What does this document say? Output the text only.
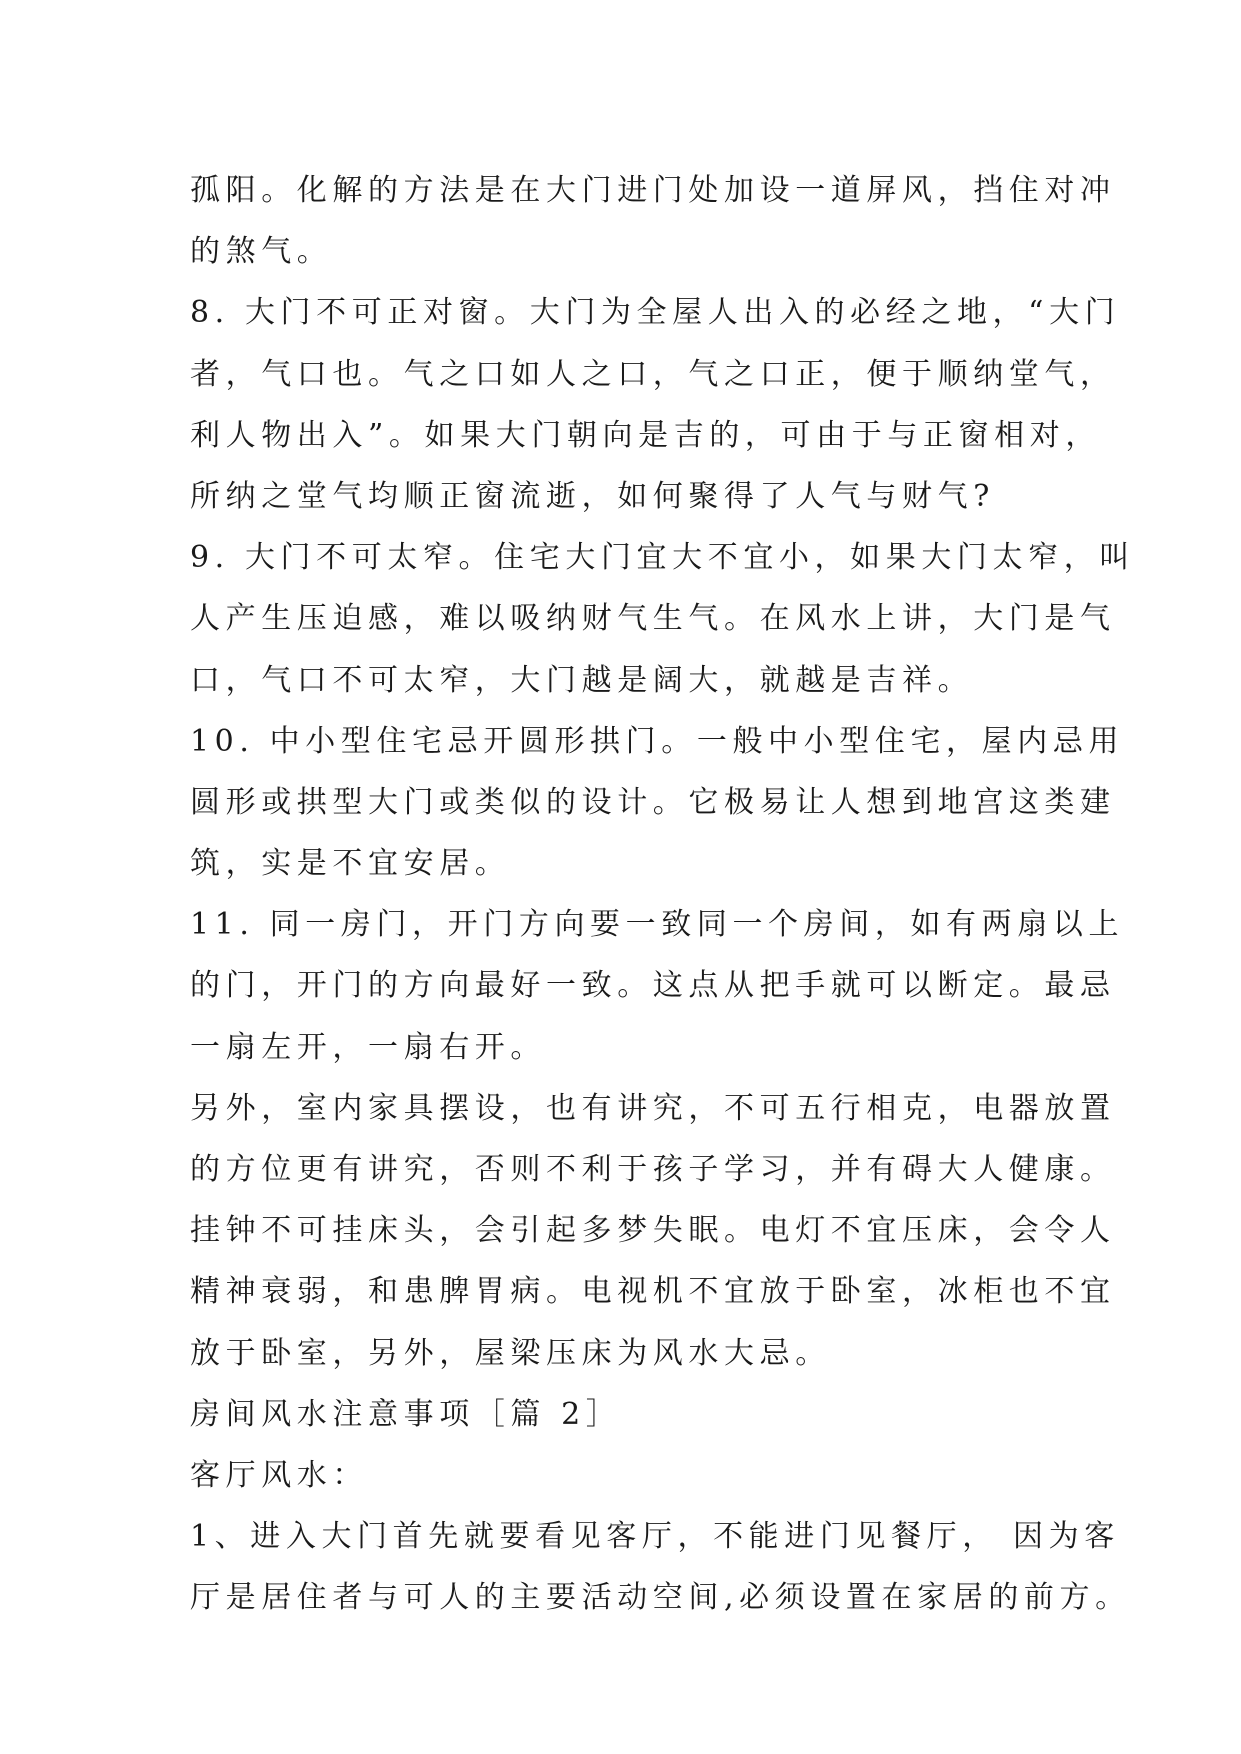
孤阳。化解的方法是在大门进门处加设一道屏风，挡住对冲
的煞气。
8. 大门不可正对窗。大门为全屋人出入的必经之地，“大门
者，气口也。气之口如人之口，气之口正，便于顺纳堂气，
利人物出入”。如果大门朝向是吉的，可由于与正窗相对，
所纳之堂气均顺正窗流逝，如何聚得了人气与财气?
9. 大门不可太窄。住宅大门宜大不宜小，如果大门太窄，叫
人产生压迫感，难以吸纳财气生气。在风水上讲，大门是气
口，气口不可太窄，大门越是阔大，就越是吉祥。
10. 中小型住宅忌开圆形拱门。一般中小型住宅，屋内忌用
圆形或拱型大门或类似的设计。它极易让人想到地宫这类建
筑，实是不宜安居。
11. 同一房门，开门方向要一致同一个房间，如有两扇以上
的门，开门的方向最好一致。这点从把手就可以断定。最忌
一扇左开，一扇右开。
另外，室内家具摆设，也有讲究，不可五行相克，电器放置
的方位更有讲究，否则不利于孩子学习，并有碍大人健康。
挂钟不可挂床头，会引起多梦失眠。电灯不宜压床，会令人
精神衰弱，和患脾胃病。电视机不宜放于卧室，冰柜也不宜
放于卧室，另外，屋梁压床为风水大忌。
房间风水注意事项［篇 2］
客厅风水：
1、进入大门首先就要看见客厅，不能进门见餐厅， 因为客
厅是居住者与可人的主要活动空间,必须设置在家居的前方。
